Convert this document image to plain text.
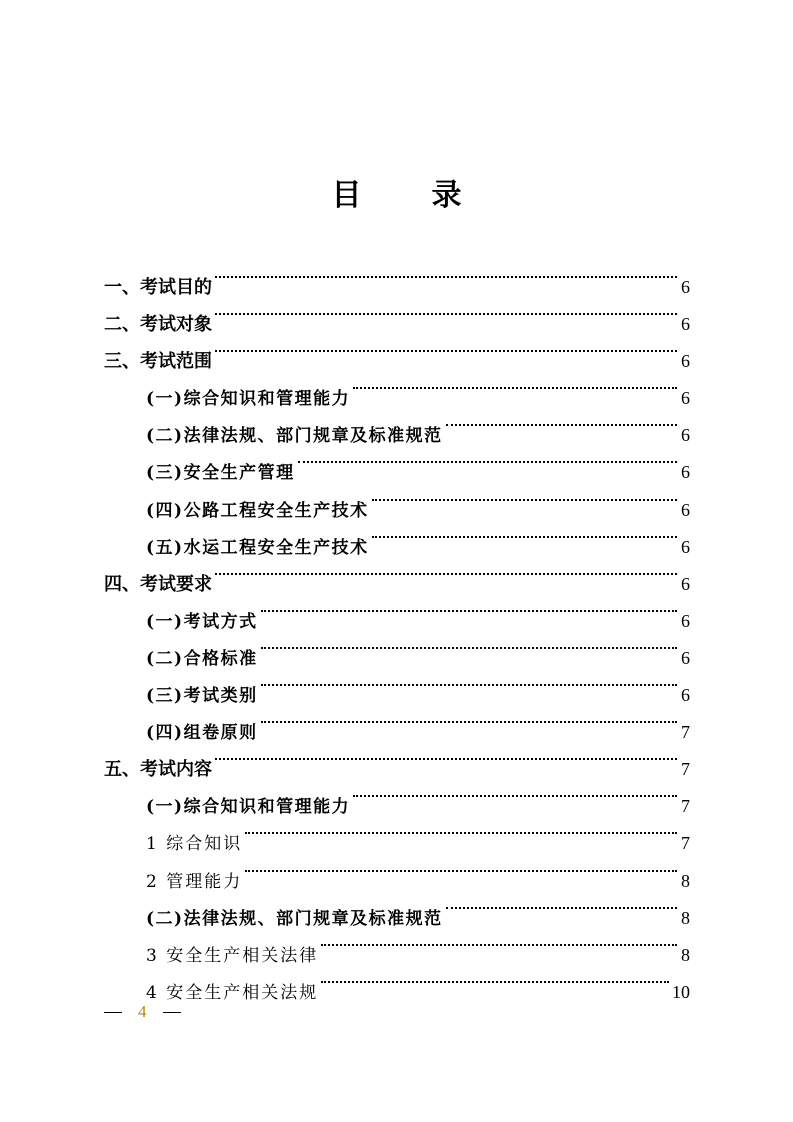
目 录
一、考试目的	6
二、考试对象	6
三、考试范围	6
(一)综合知识和管理能力	6
(二)法律法规、部门规章及标准规范	6
(三)安全生产管理	6
(四)公路工程安全生产技术	6
(五)水运工程安全生产技术	6
四、考试要求	6
(一)考试方式	6
(二)合格标准	6
(三)考试类别	6
(四)组卷原则	7
五、考试内容	7
(一)综合知识和管理能力	7
1 综合知识	7
2 管理能力	8
(二)法律法规、部门规章及标准规范	8
3 安全生产相关法律	8
4 安全生产相关法规	10
4
